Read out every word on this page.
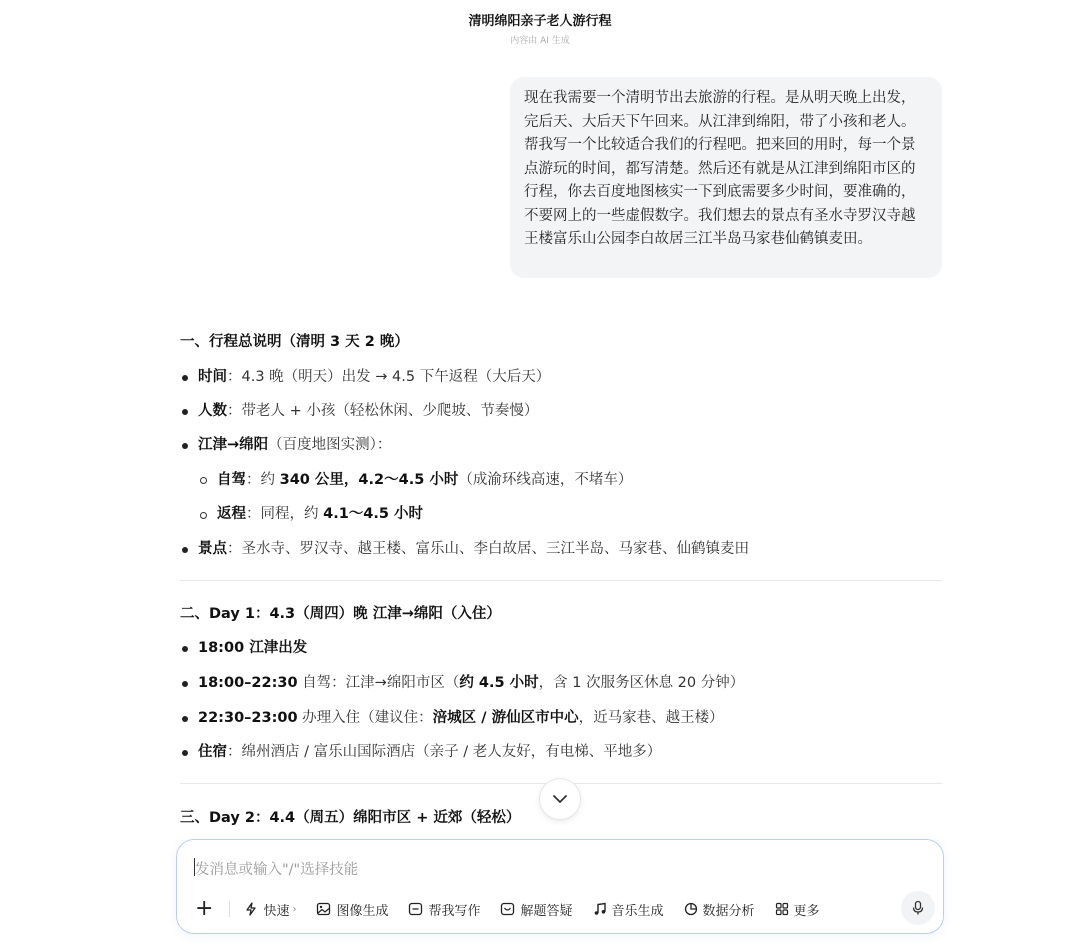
清明绵阳亲子老人游行程
内容由 AI 生成
现在我需要一个清明节出去旅游的行程。是从明天晚上出发，完后天、大后天下午回来。从江津到绵阳，带了小孩和老人。帮我写一个比较适合我们的行程吧。把来回的用时，每一个景点游玩的时间，都写清楚。然后还有就是从江津到绵阳市区的行程，你去百度地图核实一下到底需要多少时间，要准确的，不要网上的一些虚假数字。我们想去的景点有圣水寺罗汉寺越王楼富乐山公园李白故居三江半岛马家巷仙鹤镇麦田。
一、行程总说明（清明 3 天 2 晚）
时间：4.3 晚（明天）出发 → 4.5 下午返程（大后天）
人数：带老人 + 小孩（轻松休闲、少爬坡、节奏慢）
江津→绵阳（百度地图实测）：
自驾：约 340 公里，4.2～4.5 小时（成渝环线高速，不堵车）
返程：同程，约 4.1～4.5 小时
景点：圣水寺、罗汉寺、越王楼、富乐山、李白故居、三江半岛、马家巷、仙鹤镇麦田
二、Day 1：4.3（周四）晚 江津→绵阳（入住）
18:00 江津出发
18:00–22:30 自驾：江津→绵阳市区（约 4.5 小时，含 1 次服务区休息 20 分钟）
22:30–23:00 办理入住（建议住：涪城区 / 游仙区市中心，近马家巷、越王楼）
住宿：绵州酒店 / 富乐山国际酒店（亲子 / 老人友好，有电梯、平地多）
三、Day 2：4.4（周五）绵阳市区 + 近郊（轻松）
发消息或输入"/"选择技能
+	快速 ›	图像生成	帮我写作	解题答疑	音乐生成	数据分析	更多
